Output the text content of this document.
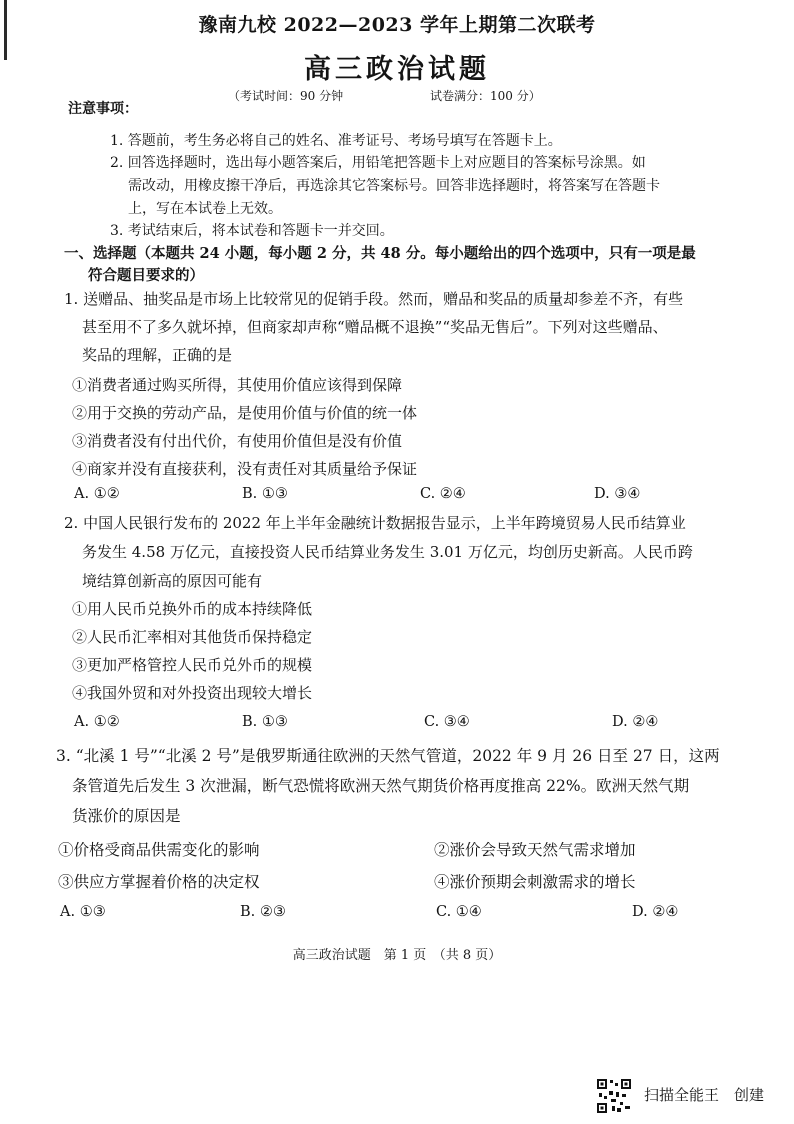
豫南九校 2022—2023 学年上期第二次联考
高三政治试题
（考试时间：90 分钟	试卷满分：100 分）
注意事项：
1. 答题前，考生务必将自己的姓名、准考证号、考场号填写在答题卡上。
2. 回答选择题时，选出每小题答案后，用铅笔把答题卡上对应题目的答案标号涂黑。如
需改动，用橡皮擦干净后，再选涂其它答案标号。回答非选择题时，将答案写在答题卡
上，写在本试卷上无效。
3. 考试结束后，将本试卷和答题卡一并交回。
一、选择题（本题共 24 小题，每小题 2 分，共 48 分。每小题给出的四个选项中，只有一项是最
符合题目要求的）
1. 送赠品、抽奖品是市场上比较常见的促销手段。然而，赠品和奖品的质量却参差不齐，有些
甚至用不了多久就坏掉，但商家却声称“赠品概不退换”“奖品无售后”。下列对这些赠品、
奖品的理解，正确的是
①消费者通过购买所得，其使用价值应该得到保障
②用于交换的劳动产品，是使用价值与价值的统一体
③消费者没有付出代价，有使用价值但是没有价值
④商家并没有直接获利，没有责任对其质量给予保证
A. ①②	B. ①③	C. ②④	D. ③④
2. 中国人民银行发布的 2022 年上半年金融统计数据报告显示，上半年跨境贸易人民币结算业
务发生 4.58 万亿元，直接投资人民币结算业务发生 3.01 万亿元，均创历史新高。人民币跨
境结算创新高的原因可能有
①用人民币兑换外币的成本持续降低
②人民币汇率相对其他货币保持稳定
③更加严格管控人民币兑外币的规模
④我国外贸和对外投资出现较大增长
A. ①②	B. ①③	C. ③④	D. ②④
3. “北溪 1 号”“北溪 2 号”是俄罗斯通往欧洲的天然气管道，2022 年 9 月 26 日至 27 日，这两
条管道先后发生 3 次泄漏，断气恐慌将欧洲天然气期货价格再度推高 22%。欧洲天然气期
货涨价的原因是
①价格受商品供需变化的影响	②涨价会导致天然气需求增加
③供应方掌握着价格的决定权	④涨价预期会刺激需求的增长
A. ①③	B. ②③	C. ①④	D. ②④
高三政治试题　第 1 页　（共 8 页）
扫描全能王　创建
